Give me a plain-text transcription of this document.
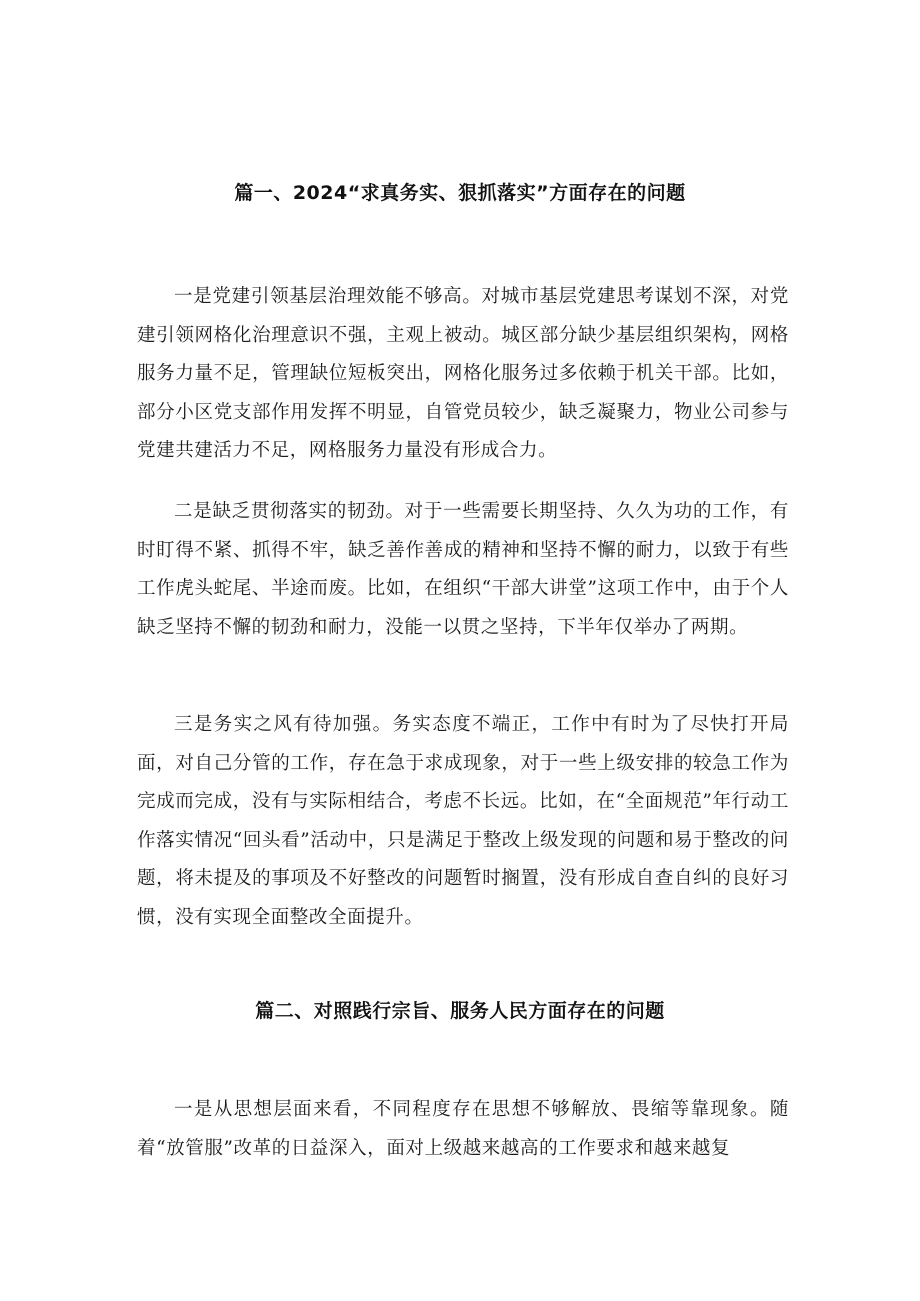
篇一、2024“求真务实、狠抓落实”方面存在的问题

一是党建引领基层治理效能不够高。对城市基层党建思考谋划不深，对党建引领网格化治理意识不强，主观上被动。城区部分缺少基层组织架构，网格服务力量不足，管理缺位短板突出，网格化服务过多依赖于机关干部。比如，部分小区党支部作用发挥不明显，自管党员较少，缺乏凝聚力，物业公司参与党建共建活力不足，网格服务力量没有形成合力。

二是缺乏贯彻落实的韧劲。对于一些需要长期坚持、久久为功的工作，有时盯得不紧、抓得不牢，缺乏善作善成的精神和坚持不懈的耐力，以致于有些工作虎头蛇尾、半途而废。比如，在组织“干部大讲堂”这项工作中，由于个人缺乏坚持不懈的韧劲和耐力，没能一以贯之坚持，下半年仅举办了两期。

三是务实之风有待加强。务实态度不端正，工作中有时为了尽快打开局面，对自己分管的工作，存在急于求成现象，对于一些上级安排的较急工作为完成而完成，没有与实际相结合，考虑不长远。比如，在“全面规范”年行动工作落实情况“回头看”活动中，只是满足于整改上级发现的问题和易于整改的问题，将未提及的事项及不好整改的问题暂时搁置，没有形成自查自纠的良好习惯，没有实现全面整改全面提升。

篇二、对照践行宗旨、服务人民方面存在的问题

一是从思想层面来看，不同程度存在思想不够解放、畏缩等靠现象。随着“放管服”改革的日益深入，面对上级越来越高的工作要求和越来越复
